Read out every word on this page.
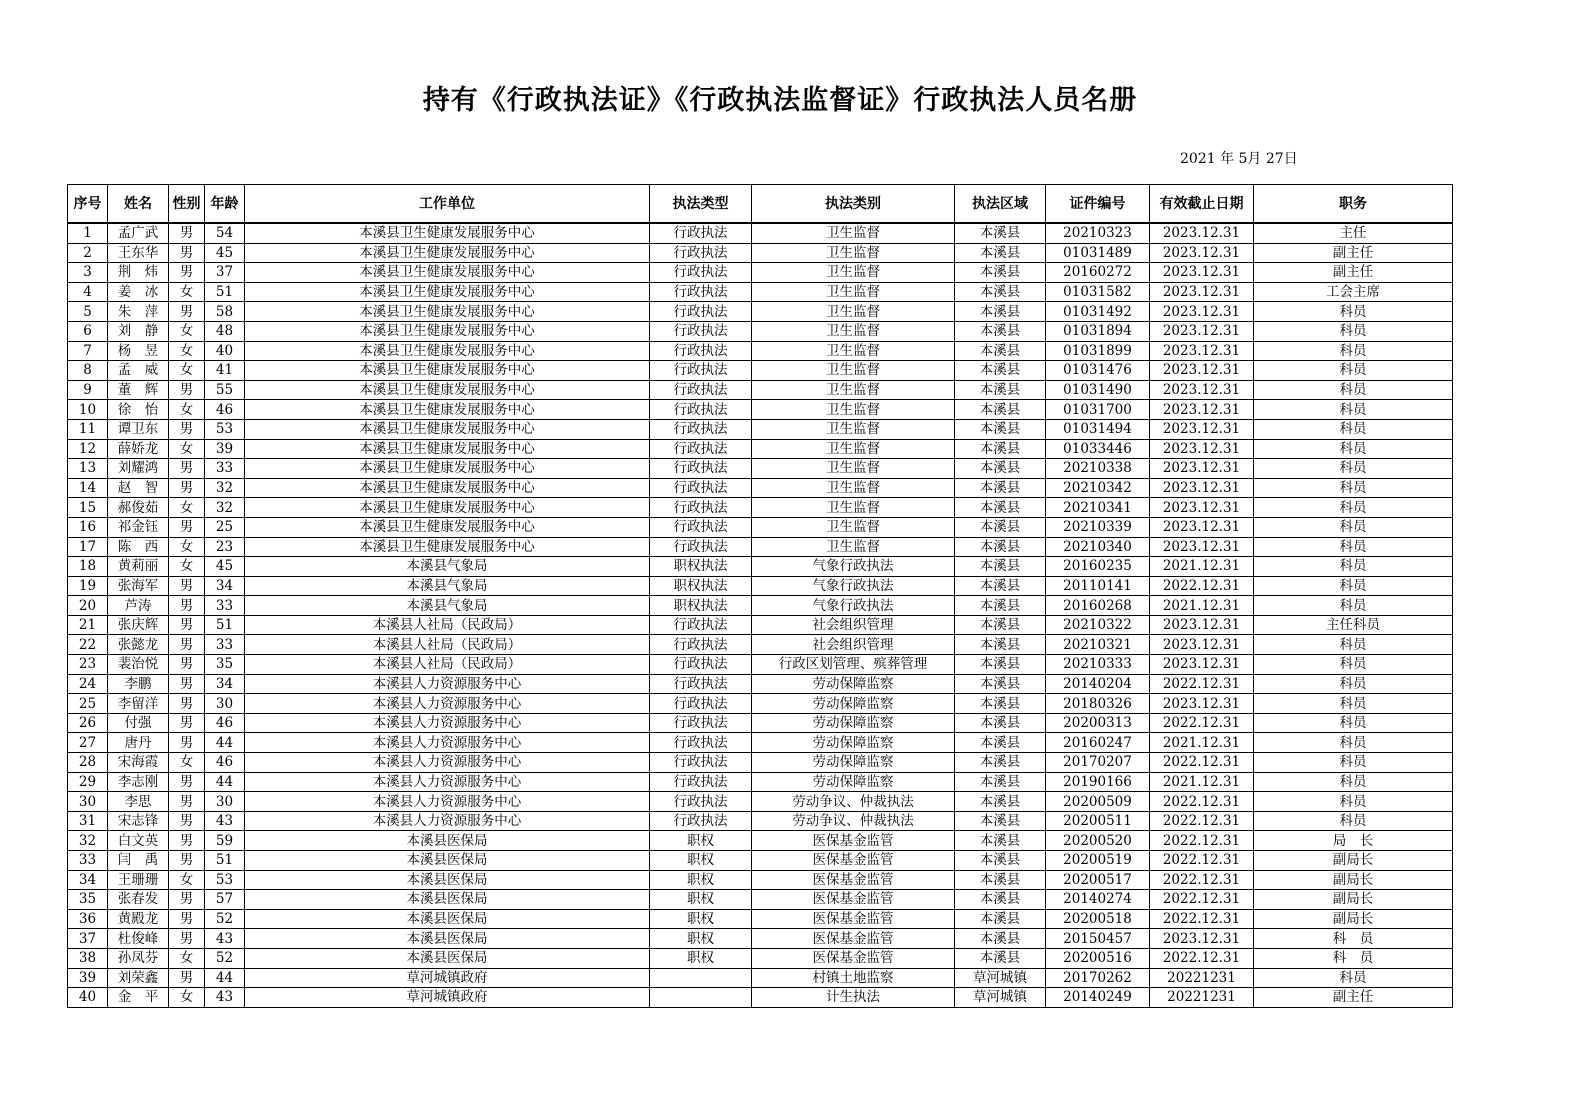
持有《行政执法证》《行政执法监督证》行政执法人员名册
2021 年 5月 27日
序号	姓名	性别	年龄	工作单位	执法类型	执法类别	执法区域	证件编号	有效截止日期	职务
1	孟广武	男	54	本溪县卫生健康发展服务中心	行政执法	卫生监督	本溪县	20210323	2023.12.31	主任
2	王东华	男	45	本溪县卫生健康发展服务中心	行政执法	卫生监督	本溪县	01031489	2023.12.31	副主任
3	荆　炜	男	37	本溪县卫生健康发展服务中心	行政执法	卫生监督	本溪县	20160272	2023.12.31	副主任
4	姜　冰	女	51	本溪县卫生健康发展服务中心	行政执法	卫生监督	本溪县	01031582	2023.12.31	工会主席
5	朱　萍	男	58	本溪县卫生健康发展服务中心	行政执法	卫生监督	本溪县	01031492	2023.12.31	科员
6	刘　静	女	48	本溪县卫生健康发展服务中心	行政执法	卫生监督	本溪县	01031894	2023.12.31	科员
7	杨　昱	女	40	本溪县卫生健康发展服务中心	行政执法	卫生监督	本溪县	01031899	2023.12.31	科员
8	孟　威	女	41	本溪县卫生健康发展服务中心	行政执法	卫生监督	本溪县	01031476	2023.12.31	科员
9	董　辉	男	55	本溪县卫生健康发展服务中心	行政执法	卫生监督	本溪县	01031490	2023.12.31	科员
10	徐　怡	女	46	本溪县卫生健康发展服务中心	行政执法	卫生监督	本溪县	01031700	2023.12.31	科员
11	谭卫东	男	53	本溪县卫生健康发展服务中心	行政执法	卫生监督	本溪县	01031494	2023.12.31	科员
12	薛娇龙	女	39	本溪县卫生健康发展服务中心	行政执法	卫生监督	本溪县	01033446	2023.12.31	科员
13	刘耀鸿	男	33	本溪县卫生健康发展服务中心	行政执法	卫生监督	本溪县	20210338	2023.12.31	科员
14	赵　智	男	32	本溪县卫生健康发展服务中心	行政执法	卫生监督	本溪县	20210342	2023.12.31	科员
15	郝俊茹	女	32	本溪县卫生健康发展服务中心	行政执法	卫生监督	本溪县	20210341	2023.12.31	科员
16	祁金钰	男	25	本溪县卫生健康发展服务中心	行政执法	卫生监督	本溪县	20210339	2023.12.31	科员
17	陈　西	女	23	本溪县卫生健康发展服务中心	行政执法	卫生监督	本溪县	20210340	2023.12.31	科员
18	黄莉丽	女	45	本溪县气象局	职权执法	气象行政执法	本溪县	20160235	2021.12.31	科员
19	张海军	男	34	本溪县气象局	职权执法	气象行政执法	本溪县	20110141	2022.12.31	科员
20	芦涛	男	33	本溪县气象局	职权执法	气象行政执法	本溪县	20160268	2021.12.31	科员
21	张庆辉	男	51	本溪县人社局（民政局）	行政执法	社会组织管理	本溪县	20210322	2023.12.31	主任科员
22	张懿龙	男	33	本溪县人社局（民政局）	行政执法	社会组织管理	本溪县	20210321	2023.12.31	科员
23	裴治悦	男	35	本溪县人社局（民政局）	行政执法	行政区划管理、殡葬管理	本溪县	20210333	2023.12.31	科员
24	李鹏	男	34	本溪县人力资源服务中心	行政执法	劳动保障监察	本溪县	20140204	2022.12.31	科员
25	李留洋	男	30	本溪县人力资源服务中心	行政执法	劳动保障监察	本溪县	20180326	2023.12.31	科员
26	付强	男	46	本溪县人力资源服务中心	行政执法	劳动保障监察	本溪县	20200313	2022.12.31	科员
27	唐丹	男	44	本溪县人力资源服务中心	行政执法	劳动保障监察	本溪县	20160247	2021.12.31	科员
28	宋海霞	女	46	本溪县人力资源服务中心	行政执法	劳动保障监察	本溪县	20170207	2022.12.31	科员
29	李志刚	男	44	本溪县人力资源服务中心	行政执法	劳动保障监察	本溪县	20190166	2021.12.31	科员
30	李思	男	30	本溪县人力资源服务中心	行政执法	劳动争议、仲裁执法	本溪县	20200509	2022.12.31	科员
31	宋志锋	男	43	本溪县人力资源服务中心	行政执法	劳动争议、仲裁执法	本溪县	20200511	2022.12.31	科员
32	白文英	男	59	本溪县医保局	职权	医保基金监管	本溪县	20200520	2022.12.31	局　长
33	闫　禹	男	51	本溪县医保局	职权	医保基金监管	本溪县	20200519	2022.12.31	副局长
34	王珊珊	女	53	本溪县医保局	职权	医保基金监管	本溪县	20200517	2022.12.31	副局长
35	张春发	男	57	本溪县医保局	职权	医保基金监管	本溪县	20140274	2022.12.31	副局长
36	黄殿龙	男	52	本溪县医保局	职权	医保基金监管	本溪县	20200518	2022.12.31	副局长
37	杜俊峰	男	43	本溪县医保局	职权	医保基金监管	本溪县	20150457	2023.12.31	科　员
38	孙凤芬	女	52	本溪县医保局	职权	医保基金监管	本溪县	20200516	2022.12.31	科　员
39	刘荣鑫	男	44	草河城镇政府		村镇土地监察	草河城镇	20170262	20221231	科员
40	金　平	女	43	草河城镇政府		计生执法	草河城镇	20140249	20221231	副主任
